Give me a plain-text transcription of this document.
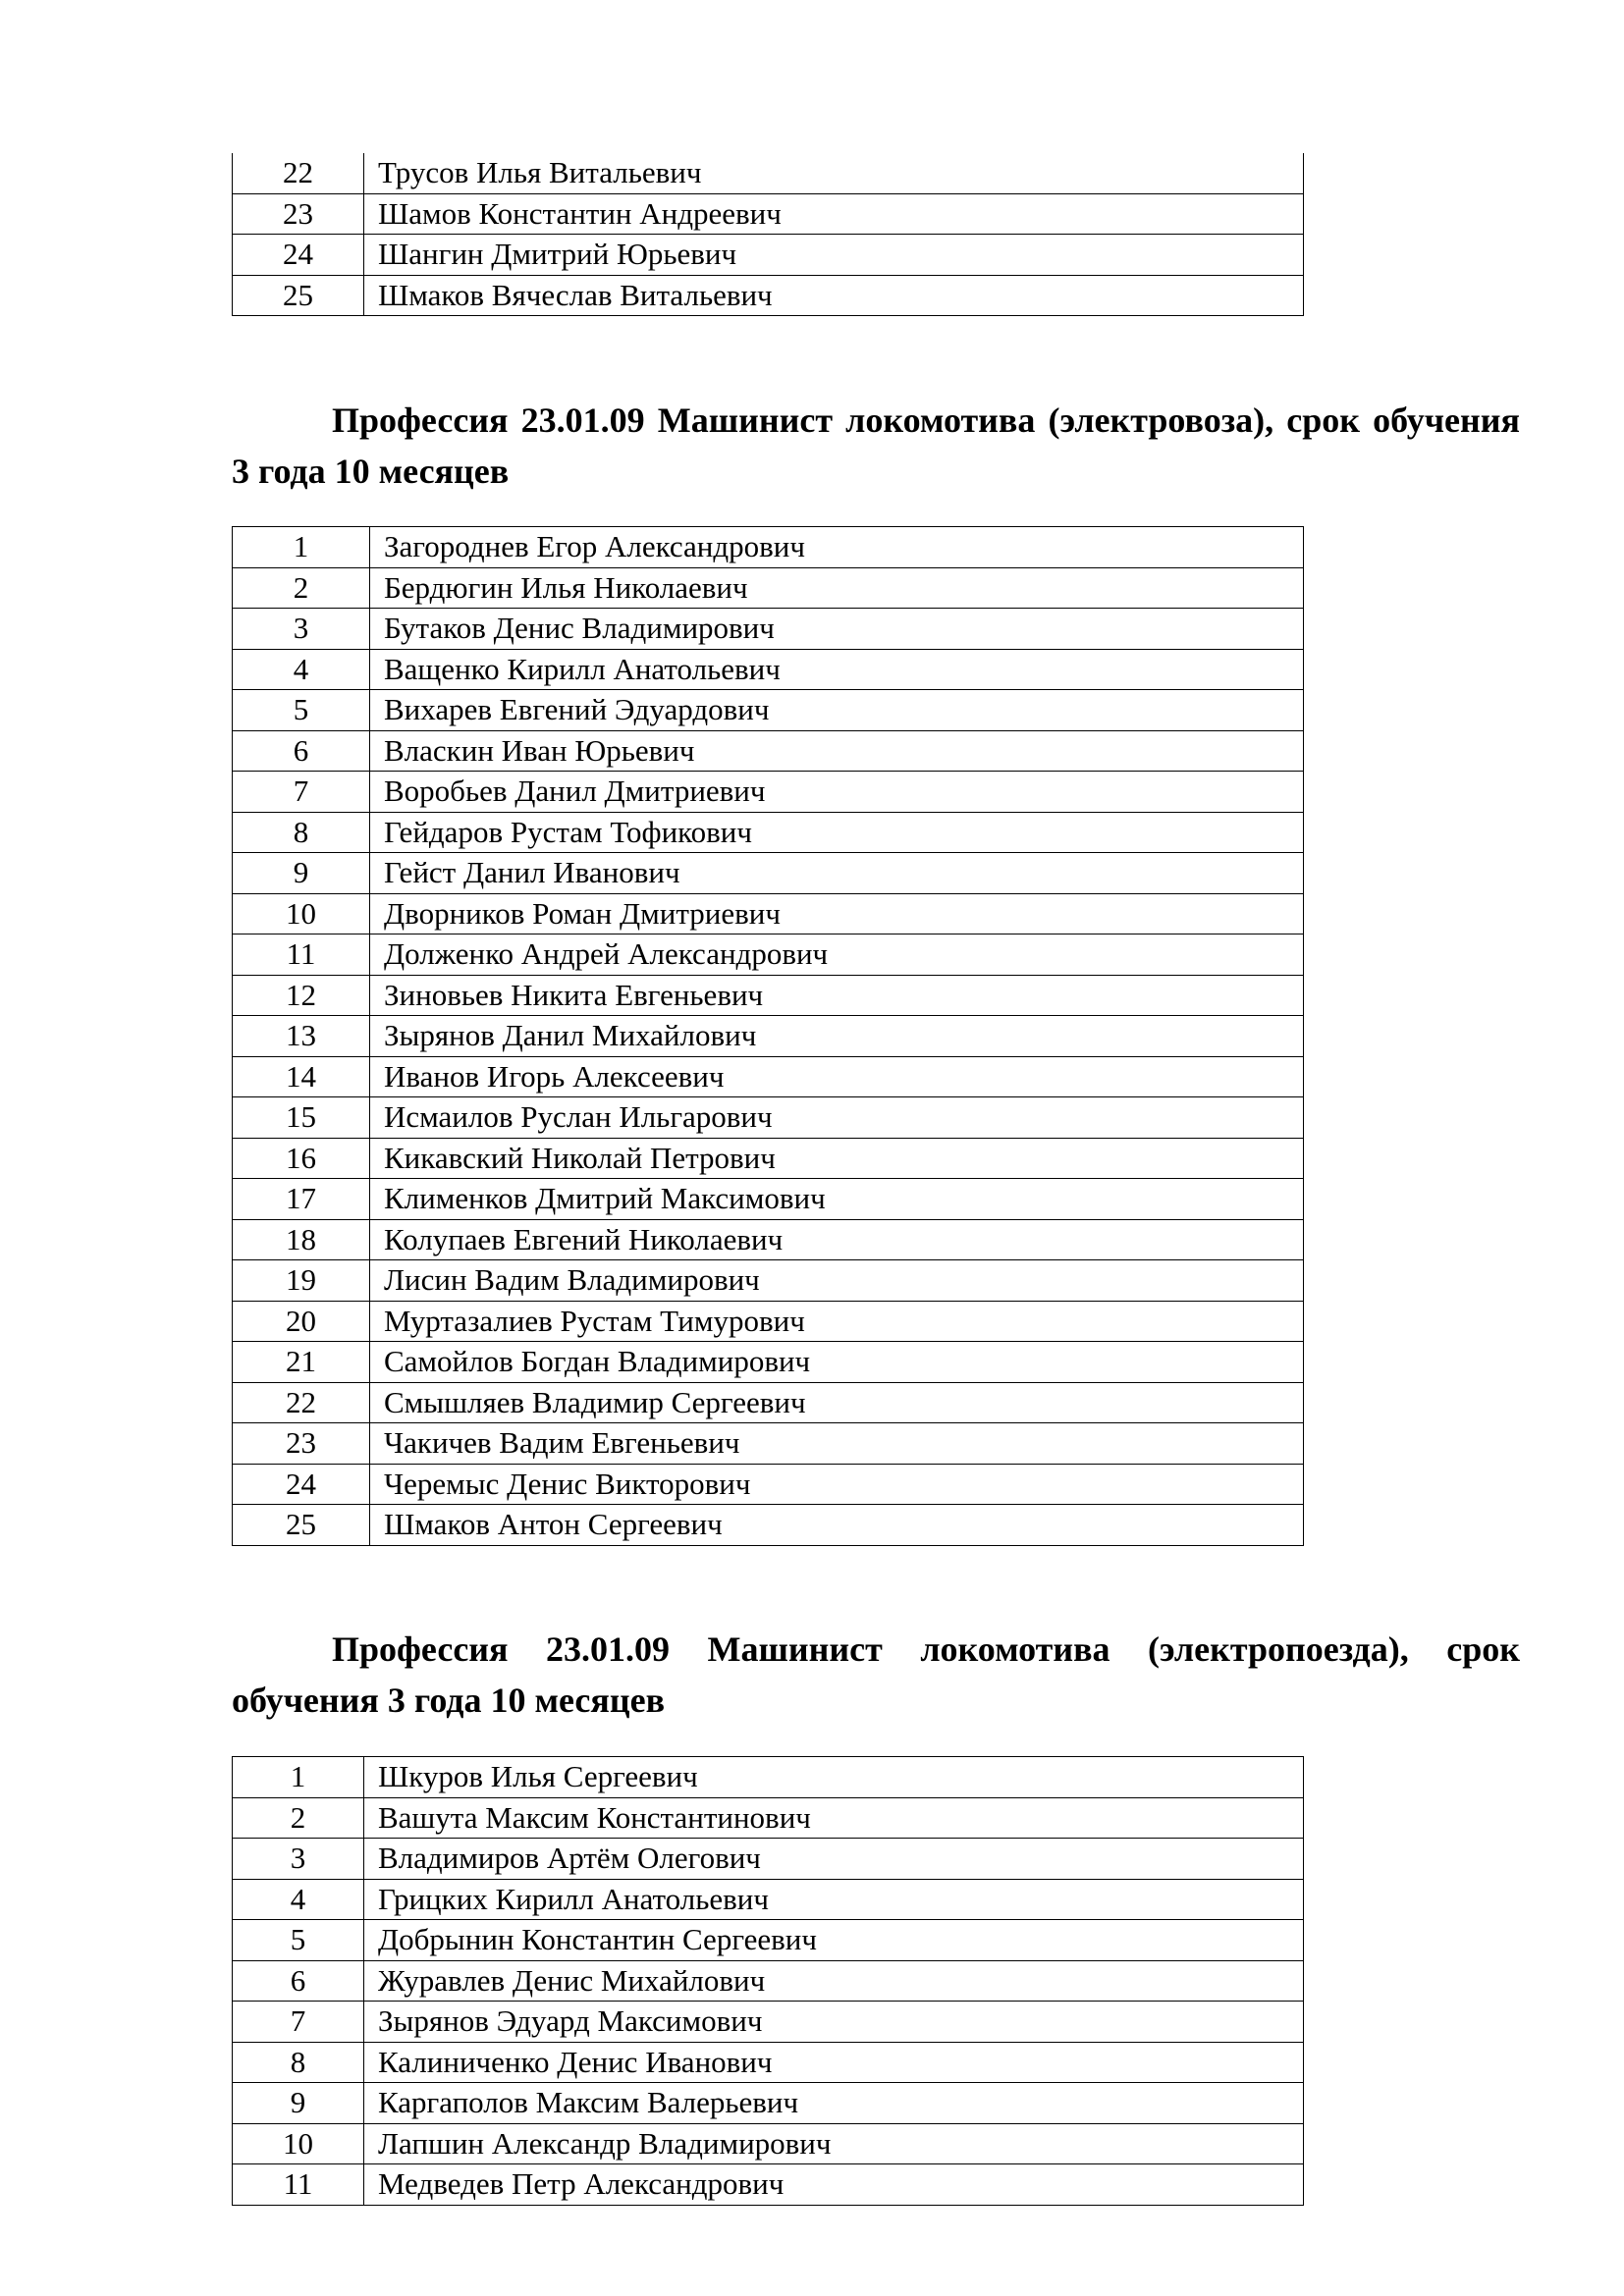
22	Трусов Илья Витальевич
23	Шамов Константин Андреевич
24	Шангин Дмитрий Юрьевич
25	Шмаков Вячеслав Витальевич

Профессия 23.01.09 Машинист локомотива (электровоза), срок обучения 3 года 10 месяцев

1	Загороднев Егор Александрович
2	Бердюгин Илья Николаевич
3	Бутаков Денис Владимирович
4	Ващенко Кирилл Анатольевич
5	Вихарев Евгений Эдуардович
6	Власкин Иван Юрьевич
7	Воробьев Данил Дмитриевич
8	Гейдаров Рустам Тофикович
9	Гейст Данил Иванович
10	Дворников Роман Дмитриевич
11	Долженко Андрей Александрович
12	Зиновьев Никита Евгеньевич
13	Зырянов Данил Михайлович
14	Иванов Игорь Алексеевич
15	Исмаилов Руслан Ильгарович
16	Кикавский Николай Петрович
17	Клименков Дмитрий Максимович
18	Колупаев Евгений Николаевич
19	Лисин Вадим Владимирович
20	Муртазалиев Рустам Тимурович
21	Самойлов Богдан Владимирович
22	Смышляев Владимир Сергеевич
23	Чакичев Вадим Евгеньевич
24	Черемыс Денис Викторович
25	Шмаков Антон Сергеевич

Профессия 23.01.09 Машинист локомотива (электропоезда), срок обучения 3 года 10 месяцев

1	Шкуров Илья Сергеевич
2	Вашута Максим Константинович
3	Владимиров Артём Олегович
4	Грицких Кирилл Анатольевич
5	Добрынин Константин Сергеевич
6	Журавлев Денис Михайлович
7	Зырянов Эдуард Максимович
8	Калиниченко Денис Иванович
9	Каргаполов Максим Валерьевич
10	Лапшин Александр Владимирович
11	Медведев Петр Александрович
